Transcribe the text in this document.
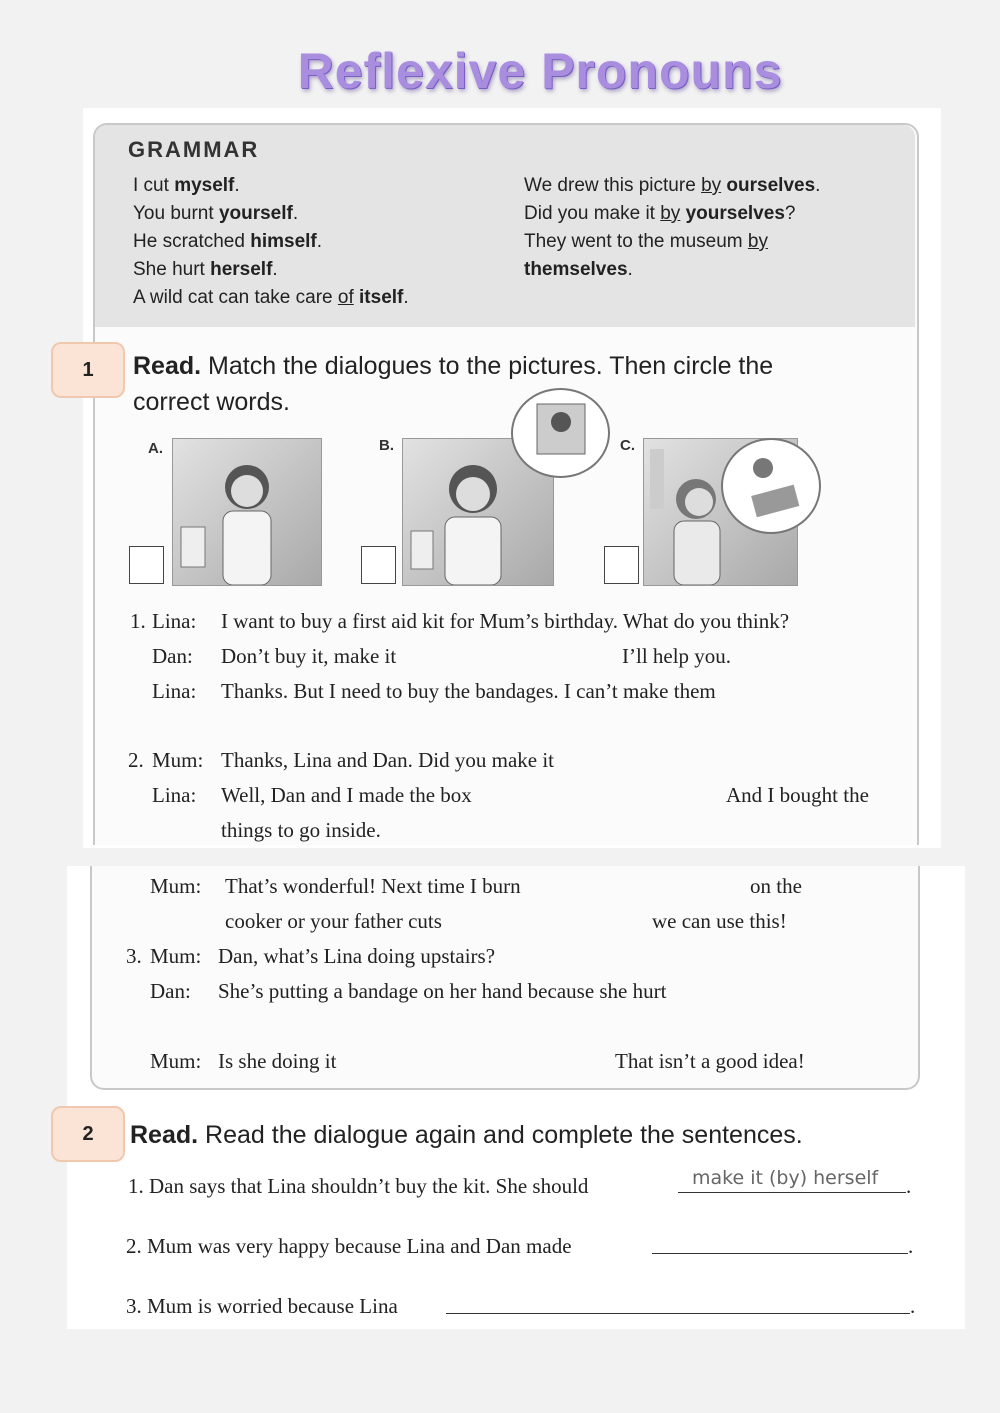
Reflexive Pronouns
GRAMMAR
I cut myself.
You burnt yourself.
He scratched himself.
She hurt herself.
A wild cat can take care of itself.
We drew this picture by ourselves.
Did you make it by yourselves?
They went to the museum by
themselves.
1	Read. Match the dialogues to the pictures. Then circle the correct words.
A.	B.	C.
1. Lina: I want to buy a first aid kit for Mum’s birthday. What do you think?
Dan: Don’t buy it, make it	I’ll help you.
Lina: Thanks. But I need to buy the bandages. I can’t make them
2. Mum: Thanks, Lina and Dan. Did you make it
Lina: Well, Dan and I made the box	And I bought the
things to go inside.
Mum: That’s wonderful! Next time I burn	on the
cooker or your father cuts	we can use this!
3. Mum: Dan, what’s Lina doing upstairs?
Dan: She’s putting a bandage on her hand because she hurt
Mum: Is she doing it	That isn’t a good idea!
2	Read. Read the dialogue again and complete the sentences.
1. Dan says that Lina shouldn’t buy the kit. She should	make it (by) herself .
2. Mum was very happy because Lina and Dan made	.
3. Mum is worried because Lina	.
